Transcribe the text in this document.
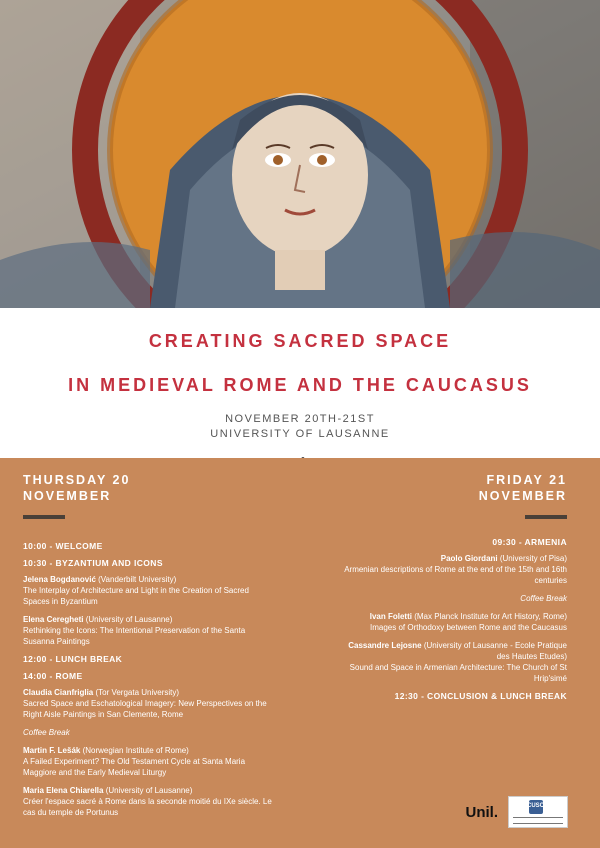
CREATING SACRED SPACE
IN MEDIEVAL ROME AND THE CAUCASUS
NOVEMBER 20TH-21ST
UNIVERSITY OF LAUSANNE
THURSDAY 20
NOVEMBER
FRIDAY 21
NOVEMBER
10:00 - WELCOME
10:30 - BYZANTIUM AND ICONS
Jelena Bogdanović (Vanderbilt University)
The Interplay of Architecture and Light in the Creation of Sacred Spaces in Byzantium
Elena Ceregheti (University of Lausanne)
Rethinking the Icons: The Intentional Preservation of the Santa Susanna Paintings
12:00 - LUNCH BREAK
14:00 - ROME
Claudia Cianfriglia (Tor Vergata University)
Sacred Space and Eschatological Imagery: New Perspectives on the Right Aisle Paintings in San Clemente, Rome
Coffee Break
Martin F. Lešák (Norwegian Institute of Rome)
A Failed Experiment? The Old Testament Cycle at Santa Maria Maggiore and the Early Medieval Liturgy
Maria Elena Chiarella (University of Lausanne)
Créer l'espace sacré à Rome dans la seconde moitié du IXe siècle. Le cas du temple de Portunus
09:30 - ARMENIA
Paolo Giordani (University of Pisa)
Armenian descriptions of Rome at the end of the 15th and 16th centuries
Coffee Break
Ivan Foletti (Max Planck Institute for Art History, Rome)
Images of Orthodoxy between Rome and the Caucasus
Cassandre Lejosne (University of Lausanne - Ecole Pratique des Hautes Etudes)
Sound and Space in Armenian Architecture: The Church of St Hrip'simé
12:30 - CONCLUSION & LUNCH BREAK
Unil.	CUSO
